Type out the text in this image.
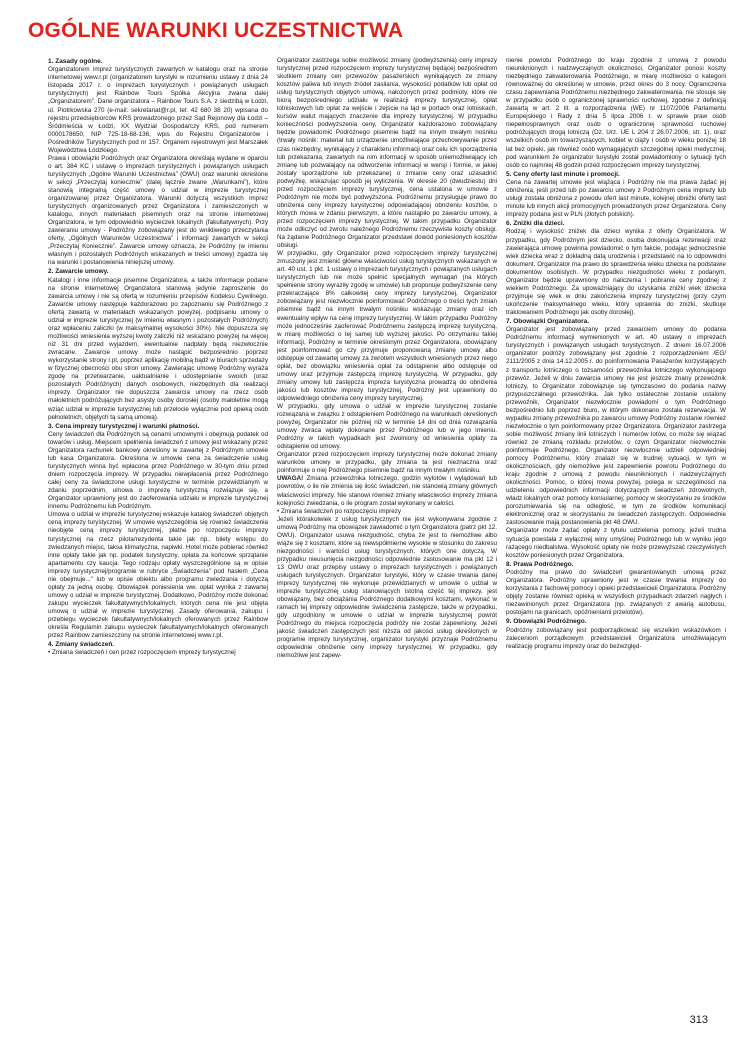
OGÓLNE WARUNKI UCZESTNICTWA
1. Zasady ogólne.

Organizatorem imprez turystycznych zawartych w katalogu oraz na stronie internetowej www.r.pl (organizatorem turystyki w rozumieniu ustawy z dnia 24 listopada 2017 r. o imprezach turystycznych i powiązanych usługach turystycznych) jest Rainbow Tours Spółka Akcyjna zwana dalej „Organizatorem”. Dane organizatora – Rainbow Tours S.A. z siedzibą w Łodzi, ul. Piotrkowska 270 (e-mail: sekretariat@r.pl, tel: 42 680 38 20) wpisana do rejestru przedsiębiorców KRS prowadzonego przez Sąd Rejonowy dla Łodzi – Śródmieścia w Łodzi, XX Wydział Gospodarczy KRS, pod numerem 0000178650, NIP 725-18-68-136, wpis do Rejestru Organizatorów i Pośredników Turystycznych pod nr 157. Organem rejestrowym jest Marszałek Województwa Łódzkiego.

Prawa i obowiązki Podróżnych oraz Organizatora określają wydane w oparciu o art. 384 KC i ustawę o imprezach turystycznych i powiązanych usługach turystycznych „Ogólne Warunki Uczestnictwa” (OWU) oraz warunki określone w sekcji „Przeczytaj koniecznie” (dalej łącznie zwane „Warunkami”), które stanowią integralną część umowy o udział w imprezie turystycznej organizowanej przez Organizatora. Warunki dotyczą wszystkich imprez turystycznych organizowanych przez Organizatora i zamieszczonych w katalogu, innych materiałach pisemnych oraz na stronie internetowej Organizatora, w tym odpowiednio wycieczek lokalnych (fakultatywnych). Przy zawieraniu umowy - Podróżny zobowiązany jest do wnikliwego przeczytania oferty, „Ogólnych Warunków Uczestnictwa” i informacji zawartych w sekcji „Przeczytaj Koniecznie”. Zawarcie umowy oznacza, że Podróżny (w imieniu własnym i pozostałych Podróżnych wskazanych w treści umowy) zgadza się na warunki i postanowienia niniejszej umowy.

2. Zawarcie umowy.

Katalogi i inne informacje pisemne Organizatora, a także informacje podane na stronie internetowej Organizatora stanowią jedynie zaproszenie do zawarcia umowy i nie są ofertą w rozumieniu przepisów Kodeksu Cywilnego. Zawarcie umowy następuje każdorazowo po zapoznaniu się Podróżnego z ofertą zawartą w materiałach wskazanych powyżej, podpisaniu umowy o udział w imprezie turystycznej (w imieniu własnym i pozostałych Podróżnych) oraz wpłaceniu zaliczki (w maksymalnej wysokości 30%). Nie dopuszcza się możliwości wniesienia wyższej kwoty zaliczki niż wskazano powyżej na więcej niż 31 dni przed wyjazdem, ewentualnie nadpłaty będą niezwłocznie zwracane. Zawarcie umowy może nastąpić bezpośrednio poprzez wykorzystanie strony r.pl, poprzez aplikację mobilną bądź w biurach sprzedaży w fizycznej obecności obu stron umowy. Zawierając umowę Podróżny wyraża zgodę na przetwarzanie, uaktualnianie i udostępnianie swoich (oraz pozostałych Podróżnych) danych osobowych, niezbędnych dla realizacji imprezy. Organizator nie dopuszcza zawarcia umowy na rzecz osób małoletnich podróżujących bez asysty osoby dorosłej (osoby małoletnie mogą wziąć udział w imprezie turystycznej lub przelocie wyłącznie pod opieką osób pełnoletnich, objętych tą samą umową).

3. Cena imprezy turystycznej i warunki płatności.

Ceny świadczeń dla Podróżnych są cenami umownymi i obejmują podatek od towarów i usług. Miejscem spełnienia świadczeń z umowy jest wskazany przez Organizatora rachunek bankowy określony w zawartej z Podróżnym umowie lub kasa Organizatora. Określona w umowie cena za świadczenie usług turystycznych winna być wpłacona przez Podróżnego w 30-tym dniu przed dniem rozpoczęcia imprezy. W przypadku niewpłacenia przez Podróżnego całej ceny za świadczone usługi turystyczne w terminie przewidzianym w zdaniu poprzednim, umowa o imprezę turystyczną rozwiązuje się, a Organizator uprawniony jest do zaoferowania udziału w imprezie turystycznej innemu Podróżnemu lub Podróżnym.

Umowa o udział w imprezie turystycznej wskazuje katalog świadczeń objętych ceną imprezy turystycznej. W umowie wyszczególnia się również świadczenia nieobjęte ceną imprezy turystycznej, płatne po rozpoczęciu imprezy turystycznej na rzecz pilota/rezydenta takie jak np.: bilety wstępu do zwiedzanych miejsc, taksa klimatyczna, napiwki. Hotel może pobierać również inne opłaty takie jak np. podatek turystyczny, opłata za końcowe sprzątanie apartamentu czy kaucja. Tego rodzaju opłaty wyszczególnione są w opisie imprezy turystycznej/programie w rubryce „Świadczenia” pod hasłem „Cena nie obejmuje...” lub w opisie obiektu albo programu zwiedzania i dotyczą opłaty za jedną osobę. Obowiązek poniesienia ww. opłat wynika z zawartej umowy o udział w imprezie turystycznej. Dodatkowo, Podróżny może dokonać zakupu wycieczek fakultatywnych/lokalnych, których cena nie jest objęta umową o udział w imprezie turystycznej. Zasady oferowania, zakupu i przebiegu wycieczek fakultatywnych/lokalnych oferowanych przez Rainbow określa Regulamin zakupu wycieczek fakultatywnych/lokalnych oferowanych przez Rainbow zamieszczony na stronie internetowej www.r.pl.

4. Zmiany świadczeń.

• Zmiana świadczeń i cen przez rozpoczęciem imprezy turystycznej

Organizator zastrzega sobie możliwość zmiany (podwyższenia) ceny imprezy turystycznej przed rozpoczęciem imprezy turystycznej będącej bezpośrednim skutkiem zmiany cen przewozów pasażerskich wynikających ze zmiany kosztów paliwa lub innych źródeł zasilania, wysokości podatków lub opłat od usług turystycznych objętych umową, nałożonych przez podmioty, które nie biorą bezpośredniego udziału w realizacji imprezy turystycznej, opłat lotniskowych lub opłat za wejście i zejście na ląd w portach oraz lotniskach, kursów walut mających znaczenie dla imprezy turystycznej. W przypadku konieczności podwyższenia ceny, Organizator każdorazowo zobowiązany będzie powiadomić Podróżnego pisemnie bądź na innym trwałym nośniku (trwały nośnik: materiał lub urządzenie umożliwiające przechowywanie przez czas niezbędny, wynikający z charakteru informacji oraz celu ich sporządzenia lub przekazania, zawartych na nim informacji w sposób uniemożliwiający ich zmianę lub pozwalający na odtworzenie informacji w wersji i formie, w jakiej zostały sporządzone lub przekazane) o zmianie ceny oraz uzasadnić podwyżkę, wskazując sposób jej wyliczenia. W okresie 20 (dwudziestu) dni przed rozpoczęciem imprezy turystycznej, cena ustalona w umowie z Podróżnym nie może być podwyższona. Podróżnemu przysługuje prawo do obniżenia ceny imprezy turystycznej odpowiadającej obniżeniu kosztów, o których mowa w zdaniu pierwszym, a które nastąpiło po zawarciu umowy, a przed rozpoczęciem imprezy turystycznej. W takim przypadku Organizator może odliczyć od zwrotu należnego Podróżnemu rzeczywiste koszty obsługi. Na żądanie Podróżnego Organizator przedstawi dowód poniesionych kosztów obsługi.

W przypadku, gdy Organizator przed rozpoczęciem imprezy turystycznej zmuszony jest zmienić główne właściwości usług turystycznych wskazanych w art. 40 ust. 1 pkt. 1 ustawy o imprezach turystycznych i powiązanych usługach turystycznych lub nie może spełnić specjalnych wymagań (na których spełnienie strony wyraziły zgodę w umowie) lub proponuje podwyższenie ceny przekraczające 8% całkowitej ceny imprezy turystycznej, Organizator zobowiązany jest niezwłocznie poinformować Podróżnego o treści tych zmian pisemnie bądź na innym trwałym nośniku wskazując zmiany oraz ich ewentualny wpływ na cenę imprezy turystycznej. W takim przypadku Podróżny może jednocześnie zaoferować Podróżnemu zastępczą imprezę turystyczną, w miarę możliwości o tej samej lub wyższej jakości. Po otrzymaniu takiej informacji, Podróżny w terminie określonym przez Organizatora, obowiązany jest poinformować go czy przyjmuje proponowaną zmianę umowy albo odstępuje od zawartej umowy za zwrotem wszystkich wniesionych przez niego opłat, bez obowiązku wniesienia opłat za odstąpienie albo odstępuje od umowy oraz przyjmuje zastępczą imprezę turystyczną. W przypadku, gdy zmiany umowy lub zastępcza impreza turystyczna prowadzą do obniżenia jakości lub kosztów imprezy turystycznej, Podróżny jest uprawniony do odpowiedniego obniżenia ceny imprezy turystycznej.

W przypadku, gdy umowa o udział w imprezie turystycznej zostanie rozwiązana w związku z odstąpieniem Podróżnego na warunkach określonych powyżej, Organizator nie później niż w terminie 14 dni od dnia rozwiązania umowy zwraca wpłaty dokonane przez Podróżnego lub w jego imieniu. Podróżny w takich wypadkach jest zwolniony od wniesienia opłaty za odstąpienie od umowy.

Organizator przed rozpoczęciem imprezy turystycznej może dokonać zmiany warunków umowy w przypadku, gdy zmiana ta jest nieznaczna oraz poinformuje o niej Podróżnego pisemnie bądź na innym trwałym nośniku.

UWAGA! Zmiana przewoźnika lotniczego, godzin wylotów i wylądowań lub powrotów, o ile nie zmienia się ilość świadczeń, nie stanowią zmiany głównych właściwości imprezy. Nie stanowi również zmiany właściwości imprezy zmiana kolejności zwiedzania, o ile program został wykonany w całości.

• Zmiana świadczeń po rozpoczęciu imprezy

Jeżeli którakolwiek z usług turystycznych nie jest wykonywana zgodnie z umową Podróżny ma obowiązek zawiadomić o tym Organizatora (patrz pkt 12. OWU). Organizator usuwa niezgodność, chyba że jest to niemożliwe albo wiąże się z kosztami, które są niewspółmierne wysokie w stosunku do zakresu niezgodności i wartości usług turystycznych, których one dotyczą. W przypadku nieusunięcia niezgodności odpowiednie zastosowanie ma pkt 12 i 13 OWU oraz przepisy ustawy o imprezach turystycznych i powiązanych usługach turystycznych. Organizator turystyki, który w czasie trwania danej imprezy turystycznej nie wykonuje przewidzianych w umowie o udział w imprezie turystycznej usług stanowiących istotną część tej imprezy, jest obowiązany, bez obciążania Podróżnego dodatkowymi kosztami, wykonać w ramach tej imprezy odpowiednie świadczenia zastępcze, także w przypadku, gdy uzgodniony w umowie o udział w imprezie turystycznej powrót Podróżnego do miejsca rozpoczęcia podróży nie został zapewniony. Jeżeli jakość świadczeń zastępczych jest niższa od jakości usług określonych w programie imprezy turystycznej, organizator turystyki przyznaje Podróżnemu odpowiednie obniżenie ceny imprezy turystycznej. W przypadku, gdy niemożliwe jest zapew-

nienie powrotu Podróżnego do kraju zgodnie z umową z powodu nieuniknionych i nadzwyczajnych okoliczności, Organizator ponosi koszty niezbędnego zakwaterowania Podróżnego, w miarę możliwości o kategorii równoważnej do określonej w umowie, przez okres do 3 nocy. Ograniczenia czasu zapewniania Podróżnemu niezbędnego zakwaterowania, nie stosuje się w przypadku osób o ograniczonej sprawności ruchowej, zgodnie z definicją zawartą w art. 2 lit. a rozporządzenia (WE) nr 1107/2006 Parlamentu Europejskiego i Rady z dnia 5 lipca 2006 r. w sprawie praw osób niepełnosprawnych oraz osób o ograniczonej sprawności ruchowej podróżujących drogą lotniczą (Dz. Urz. UE L 204 z 26.07.2006, str. 1), oraz wszelkich osób im towarzyszących, kobiet w ciąży i osób w wieku poniżej 18 lat bez opieki, jak również osób wymagających szczególnej opieki medycznej, pod warunkiem że organizator turystyki został powiadomiony o sytuacji tych osób co najmniej 48 godzin przed rozpoczęciem imprezy turystycznej.

5. Ceny oferty last minute i promocji.

Cena na zawartej umowie jest wiążąca i Podróżny nie ma prawa żądać jej obniżenia, jeśli przed lub po zawarciu umowy z Podróżnym cena imprezy lub usługi została obniżona z powodu ofert last minute, kolejnej obniżki oferty last minute lub innych akcji promocyjnych prowadzonych przez Organizatora. Ceny imprezy podana jest w PLN (złotych polskich).

6. Zniżki dla dzieci.

Rodzaj i wysokość zniżek dla dzieci wynika z oferty Organizatora. W przypadku, gdy Podróżnym jest dziecko, osoba dokonująca rezerwacji oraz zawierająca umowę powinna powiadomić o tym fakcie, podając jednocześnie wiek dziecka wraz z dokładną datą urodzenia i przedstawić na to odpowiedni dokument. Organizator ma prawo do sprawdzenia wieku dziecka na podstawie dokumentów osobistych. W przypadku niezgodności wieku z podanym, Organizator będzie uprawniony do naliczenia i pobrania ceny zgodnej z wiekiem Podróżnego. Za upoważniający do uzyskania zniżki wiek dziecka przyjmuje się wiek w dniu zakończenia imprezy turystycznej (przy czym ukończenie maksymalnego wieku, który uprawnia do zniżki, skutkuje traktowaniem Podróżnego jak osoby dorosłej).

7. Obowiązki Organizatora.

Organizator jest zobowiązany przed zawarciem umowy do podania Podróżnemu informacji wymienionych w art. 40 ustawy o imprezach turystycznych i powiązanych usługach turystycznych. Z dniem 16.07.2006 organizator podróży zobowiązany jest zgodnie z rozporządzeniem /EG/ 2111/2005 z dnia 14.12.2005 r. do poinformowania Pasażerów korzystających z transportu lotniczego o tożsamości przewoźnika lotniczego wykonującego przewóz. Jeżeli w dniu zawarcia umowy nie jest jeszcze znany przewoźnik lotniczy, to Organizator zobowiązuje się tymczasowo do podania nazwy przypuszczalnego przewoźnika. Jak tylko ostatecznie zostanie ustalony przewoźnik, Organizator niezwłocznie powiadomi o tym Podróżnego bezpośrednio lub poprzez biuro, w którym dokonano została rezerwacja. W wypadku zmiany przewoźnika po zawarciu umowy Podróżny zostanie również niezwłocznie o tym poinformowany przez Organizatora. Organizator zastrzega sobie możliwość zmiany linii lotniczych i numerów lotów, co może się wiązać również ze zmianą rozkładu przelotów, o czym Organizator niezwłocznie poinformuje Podróżnego. Organizator niezwłocznie udzieli odpowiedniej pomocy Podróżnemu, który znalazł się w trudnej sytuacji, w tym w okolicznościach, gdy niemożliwe jest zapewnienie powrotu Podróżnego do kraju zgodnie z umową z powodu nieuniknionych i nadzwyczajnych okoliczności. Pomoc, o której mowa powyżej, polega w szczególności na udzieleniu odpowiednich informacji dotyczących świadczeń zdrowotnych, władz lokalnych oraz pomocy konsularnej; pomocy w skorzystaniu ze środków porozumiewania się na odległość, w tym ze środków komunikacji elektronicznej oraz w skorzystaniu ze świadczeń zastępczych. Odpowiednie zastosowanie mają postanowienia pkt 48 OWU.

Organizator może żądać opłaty z tytułu udzielenia pomocy, jeżeli trudna sytuacja powstała z wyłącznej winy umyślnej Podróżnego lub w wyniku jego rażącego niedbalstwa. Wysokość opłaty nie może przewyższać rzeczywistych kosztów poniesionych przez Organizatora.

8. Prawa Podróżnego.

Podróżny ma prawo do świadczeń gwarantowanych umową przez Organizatora. Podróżny uprawniony jest w czasie trwania imprezy do korzystania z fachowej pomocy i opieki przedstawicieli Organizatora. Podróżny objęty zostanie również opieką w wszystkich przypadkach zdarzeń nagłych i niezawinionych przez Organizatora (np. związanych z awarią autobusu, postojami na granicach, opóźnieniami przelotów).

9. Obowiązki Podróżnego.

Podróżny zobowiązany jest podporządkować się wszelkim wskazówkom i zaleceniom porządkowym przedstawicieli Organizatora umożliwiającym realizację programu imprezy oraz do bezwzględ-

313
